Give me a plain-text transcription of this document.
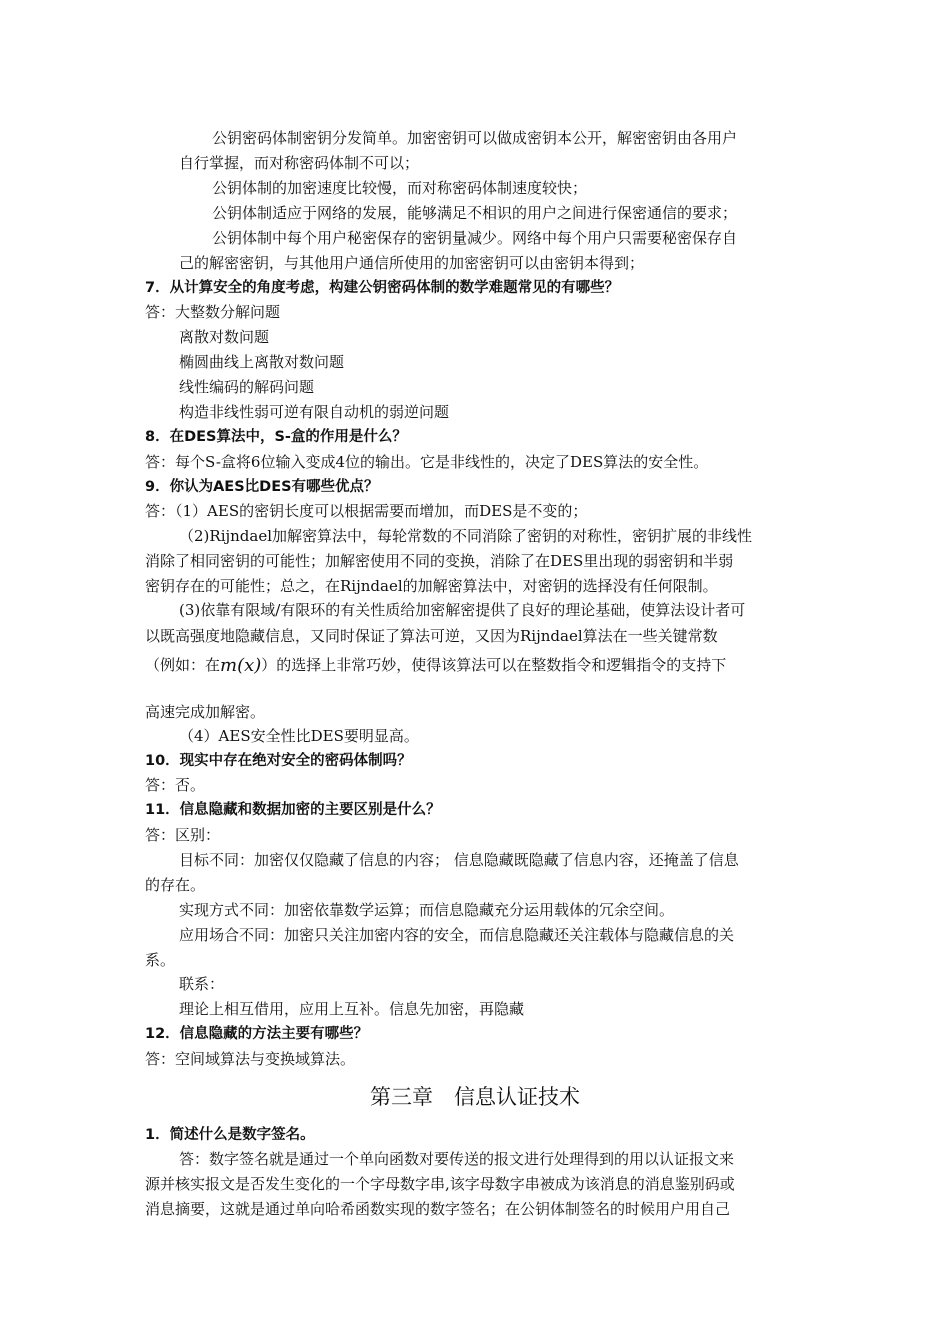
公钥密码体制密钥分发简单。加密密钥可以做成密钥本公开，解密密钥由各用户

自行掌握，而对称密码体制不可以；

公钥体制的加密速度比较慢，而对称密码体制速度较快；

公钥体制适应于网络的发展，能够满足不相识的用户之间进行保密通信的要求；

公钥体制中每个用户秘密保存的密钥量减少。网络中每个用户只需要秘密保存自

己的解密密钥，与其他用户通信所使用的加密密钥可以由密钥本得到；

7．从计算安全的角度考虑，构建公钥密码体制的数学难题常见的有哪些？

答：大整数分解问题

离散对数问题

椭圆曲线上离散对数问题

线性编码的解码问题

构造非线性弱可逆有限自动机的弱逆问题

8．在DES算法中，S-盒的作用是什么？

答：每个S-盒将6位输入变成4位的输出。它是非线性的，决定了DES算法的安全性。

9．你认为AES比DES有哪些优点？

答：（1）AES的密钥长度可以根据需要而增加，而DES是不变的；

（2)Rijndael加解密算法中，每轮常数的不同消除了密钥的对称性，密钥扩展的非线性

消除了相同密钥的可能性；加解密使用不同的变换，消除了在DES里出现的弱密钥和半弱

密钥存在的可能性；总之，在Rijndael的加解密算法中，对密钥的选择没有任何限制。

(3)依靠有限域/有限环的有关性质给加密解密提供了良好的理论基础，使算法设计者可

以既高强度地隐藏信息，又同时保证了算法可逆，又因为Rijndael算法在一些关键常数

（例如：在m(x)）的选择上非常巧妙，使得该算法可以在整数指令和逻辑指令的支持下

高速完成加解密。

（4）AES安全性比DES要明显高。

10．现实中存在绝对安全的密码体制吗？

答：否。

11．信息隐藏和数据加密的主要区别是什么？

答：区别：

目标不同：加密仅仅隐藏了信息的内容； 信息隐藏既隐藏了信息内容，还掩盖了信息

的存在。

实现方式不同：加密依靠数学运算；而信息隐藏充分运用载体的冗余空间。

应用场合不同：加密只关注加密内容的安全，而信息隐藏还关注载体与隐藏信息的关

系。

联系：

理论上相互借用，应用上互补。信息先加密，再隐藏

12．信息隐藏的方法主要有哪些？

答：空间域算法与变换域算法。

第三章　信息认证技术

1．简述什么是数字签名。

答：数字签名就是通过一个单向函数对要传送的报文进行处理得到的用以认证报文来

源并核实报文是否发生变化的一个字母数字串,该字母数字串被成为该消息的消息鉴别码或

消息摘要，这就是通过单向哈希函数实现的数字签名；在公钥体制签名的时候用户用自己
